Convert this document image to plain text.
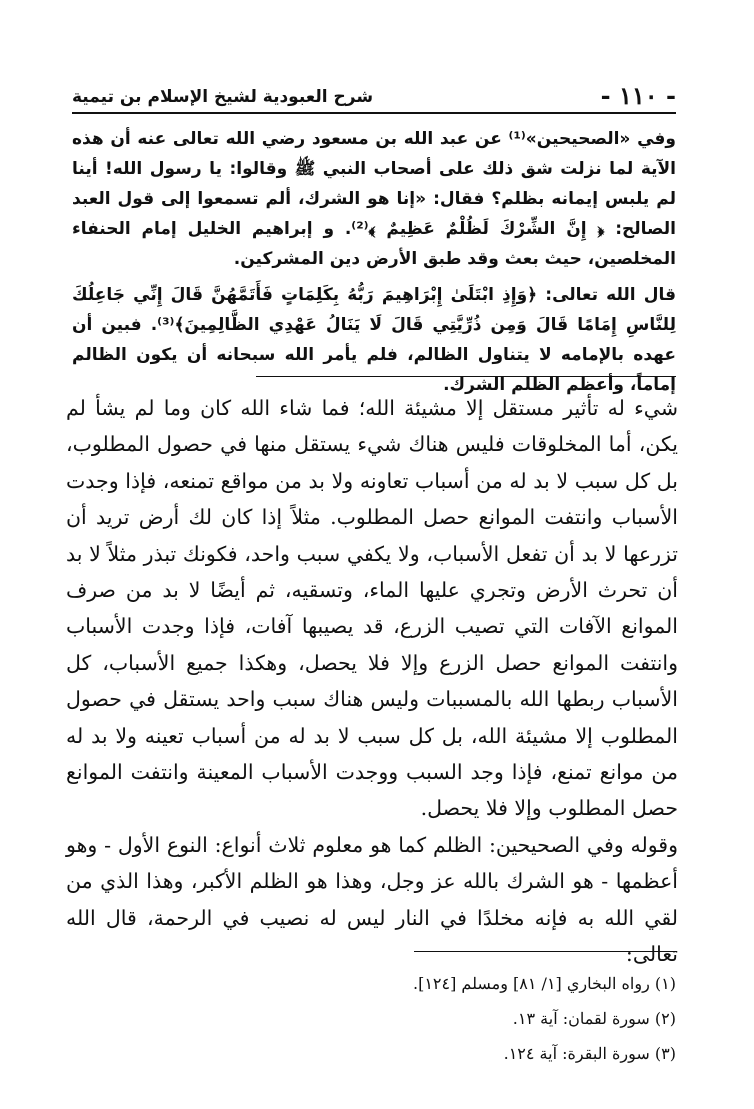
- ١١٠ -
شرح العبودية لشيخ الإسلام بن تيمية

وفي «الصحيحين»⁽¹⁾ عن عبد الله بن مسعود رضي الله تعالى عنه أن هذه الآية لما نزلت شق ذلك على أصحاب النبي ﷺ وقالوا: يا رسول الله! أينا لم يلبس إيمانه بظلم؟ فقال: «إنا هو الشرك، ألم تسمعوا إلى قول العبد الصالح: ﴿ إِنَّ الشِّرْكَ لَظُلْمٌ عَظِيمٌ ﴾⁽²⁾. و إبراهيم الخليل إمام الحنفاء المخلصين، حيث بعث وقد طبق الأرض دين المشركين.

قال الله تعالى: ﴿وَإِذِ ابْتَلَىٰ إِبْرَاهِيمَ رَبُّهُ بِكَلِمَاتٍ فَأَتَمَّهُنَّ قَالَ إِنِّي جَاعِلُكَ لِلنَّاسِ إِمَامًا قَالَ وَمِن ذُرِّيَّتِي قَالَ لَا يَنَالُ عَهْدِي الظَّالِمِينَ﴾⁽³⁾. فبين أن عهده بالإمامه لا يتناول الظالم، فلم يأمر الله سبحانه أن يكون الظالم إماماً، وأعظم الظلم الشرك.

شيء له تأثير مستقل إلا مشيئة الله؛ فما شاء الله كان وما لم يشأ لم يكن، أما المخلوقات فليس هناك شيء يستقل منها في حصول المطلوب، بل كل سبب لا بد له من أسباب تعاونه ولا بد من مواقع تمنعه، فإذا وجدت الأسباب وانتفت الموانع حصل المطلوب. مثلاً إذا كان لك أرض تريد أن تزرعها لا بد أن تفعل الأسباب، ولا يكفي سبب واحد، فكونك تبذر مثلاً لا بد أن تحرث الأرض وتجري عليها الماء، وتسقيه، ثم أيضًا لا بد من صرف الموانع الآفات التي تصيب الزرع، قد يصيبها آفات، فإذا وجدت الأسباب وانتفت الموانع حصل الزرع وإلا فلا يحصل، وهكذا جميع الأسباب، كل الأسباب ربطها الله بالمسببات وليس هناك سبب واحد يستقل في حصول المطلوب إلا مشيئة الله، بل كل سبب لا بد له من أسباب تعينه ولا بد له من موانع تمنع، فإذا وجد السبب ووجدت الأسباب المعينة وانتفت الموانع حصل المطلوب وإلا فلا يحصل.

وقوله وفي الصحيحين: الظلم كما هو معلوم ثلاث أنواع: النوع الأول - وهو أعظمها - هو الشرك بالله عز وجل، وهذا هو الظلم الأكبر، وهذا الذي من لقي الله به فإنه مخلدًا في النار ليس له نصيب في الرحمة، قال الله تعالى:

(١) رواه البخاري [١/ ٨١] ومسلم [١٢٤].
(٢) سورة لقمان: آية ١٣.
(٣) سورة البقرة: آية ١٢٤.
